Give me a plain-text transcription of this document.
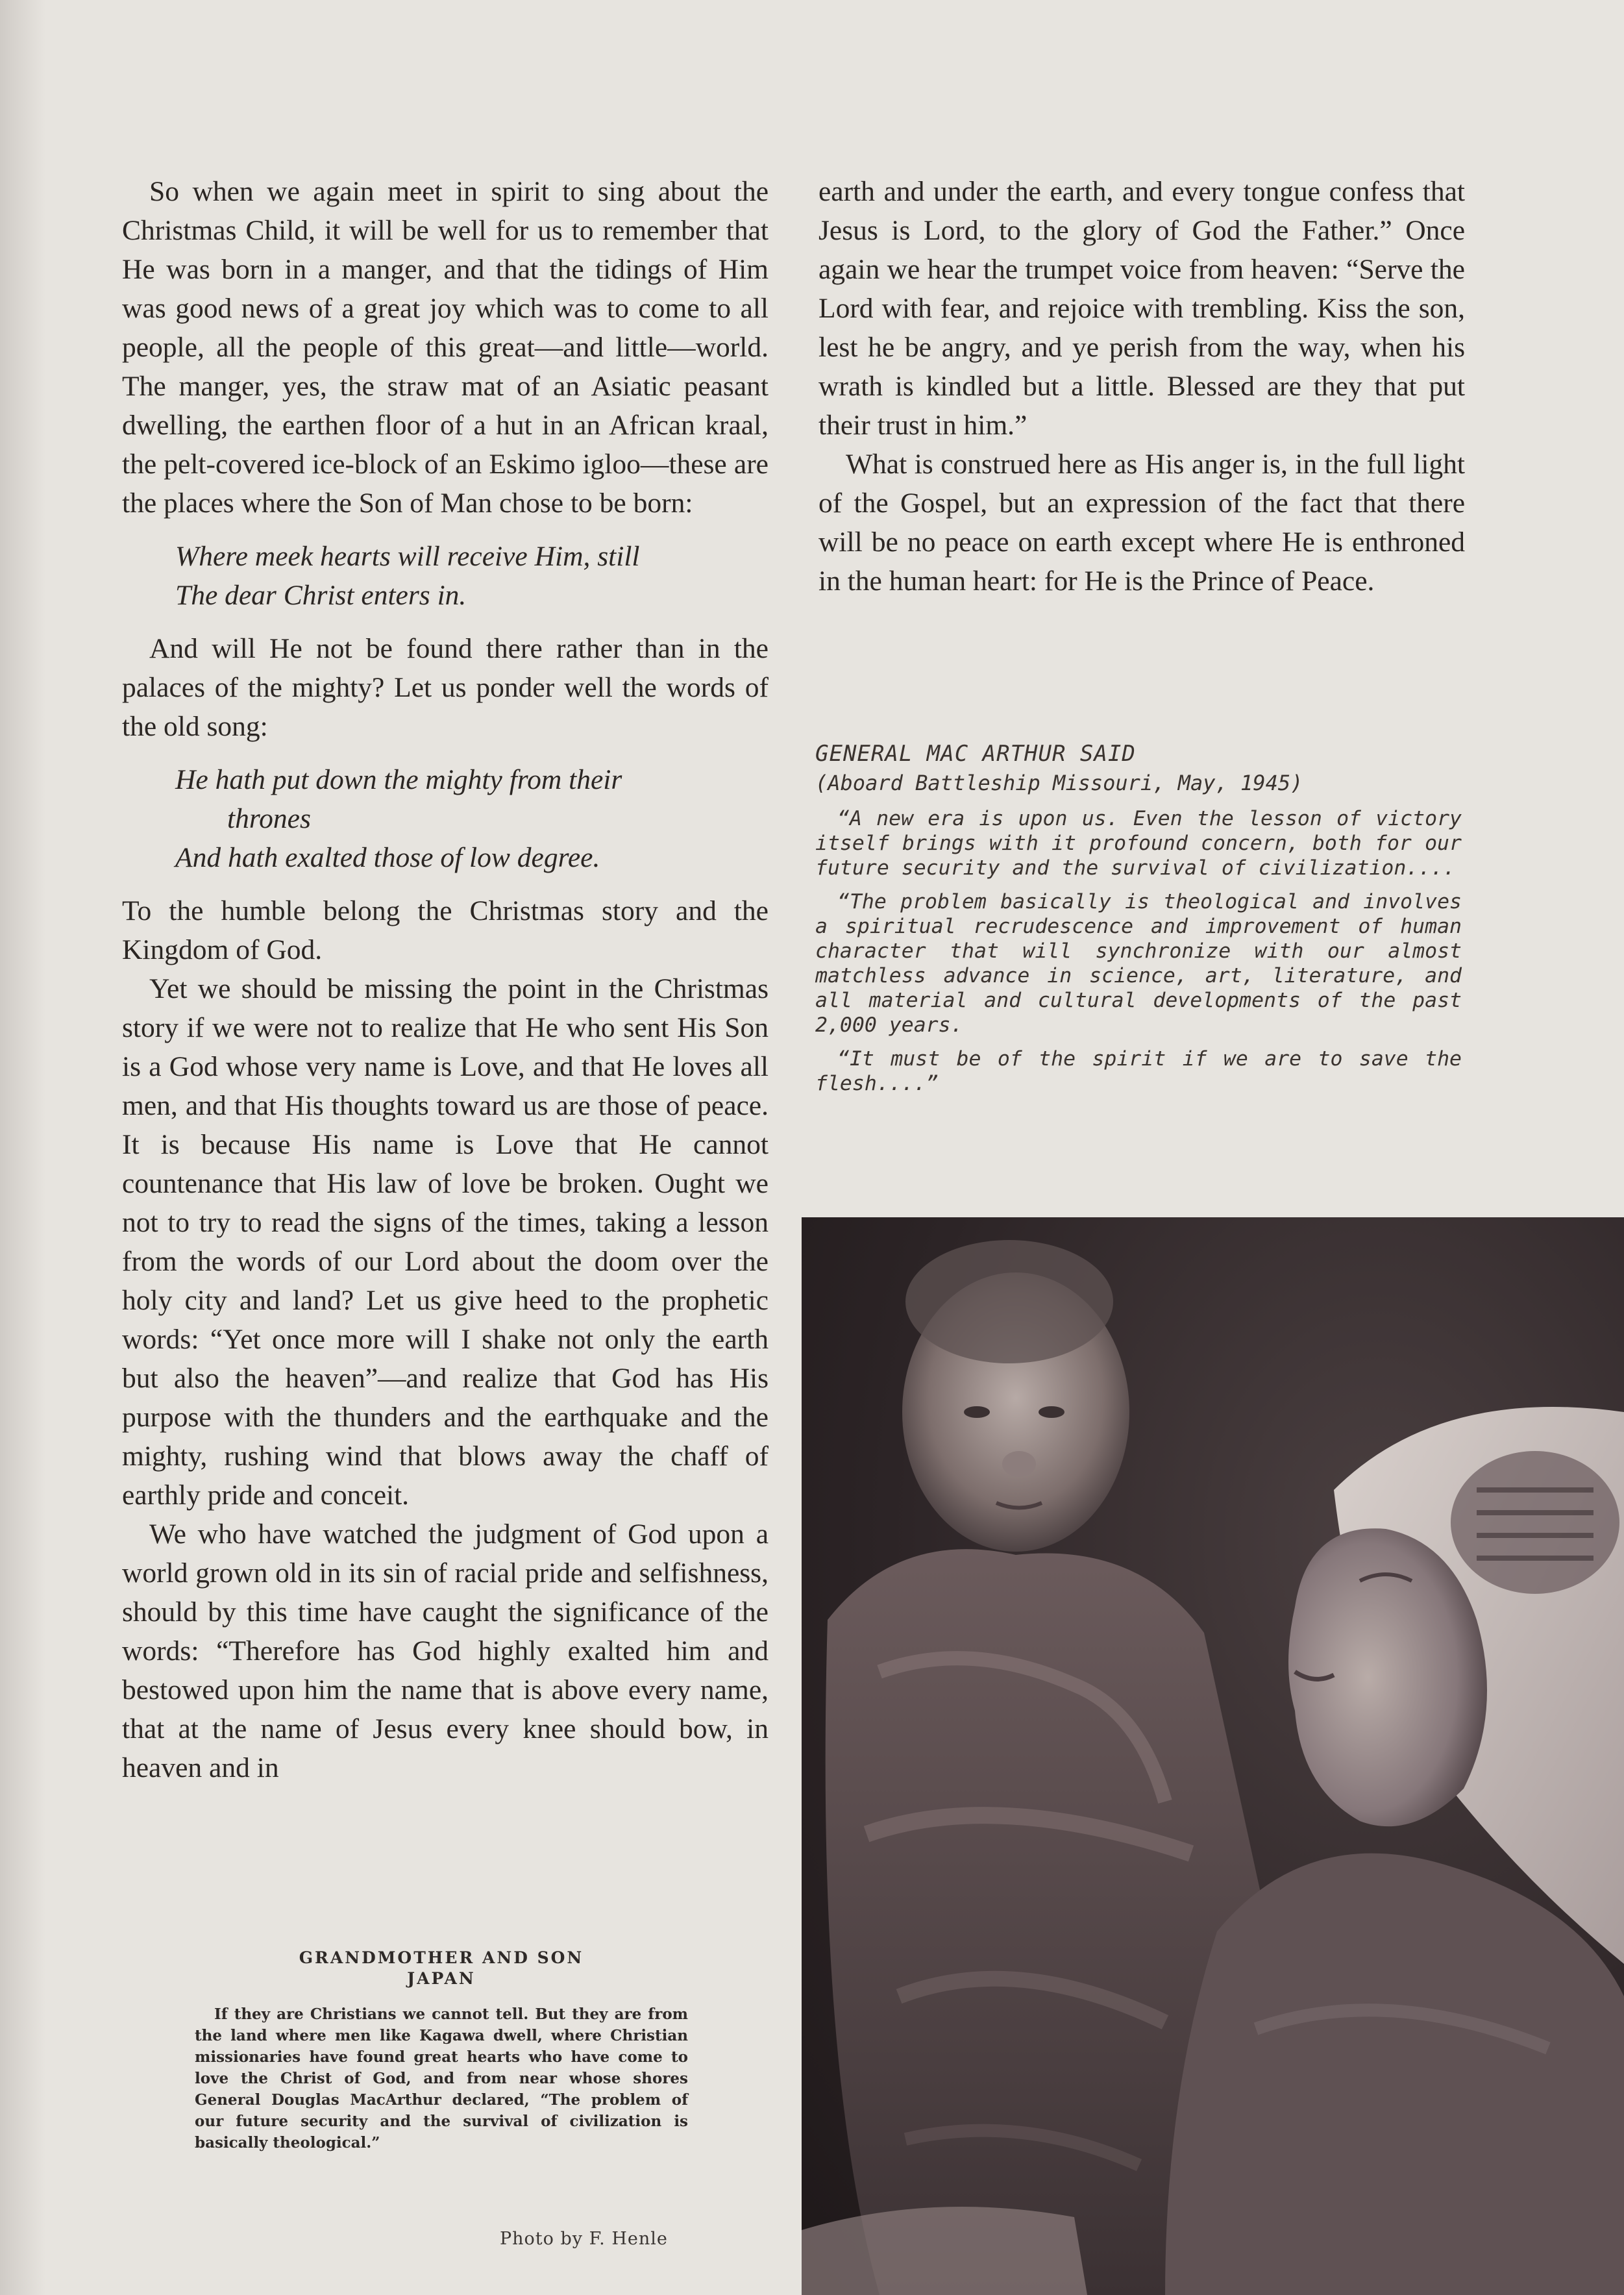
So when we again meet in spirit to sing about the Christmas Child, it will be well for us to remember that He was born in a manger, and that the tidings of Him was good news of a great joy which was to come to all people, all the people of this great—and little—world. The manger, yes, the straw mat of an Asiatic peasant dwelling, the earthen floor of a hut in an African kraal, the pelt-covered ice-block of an Eskimo igloo—these are the places where the Son of Man chose to be born:

Where meek hearts will receive Him, still
The dear Christ enters in.

And will He not be found there rather than in the palaces of the mighty? Let us ponder well the words of the old song:

He hath put down the mighty from their
thrones
And hath exalted those of low degree.

To the humble belong the Christmas story and the Kingdom of God.

Yet we should be missing the point in the Christmas story if we were not to realize that He who sent His Son is a God whose very name is Love, and that He loves all men, and that His thoughts toward us are those of peace. It is because His name is Love that He cannot countenance that His law of love be broken. Ought we not to try to read the signs of the times, taking a lesson from the words of our Lord about the doom over the holy city and land? Let us give heed to the prophetic words: “Yet once more will I shake not only the earth but also the heaven”—and realize that God has His purpose with the thunders and the earthquake and the mighty, rushing wind that blows away the chaff of earthly pride and conceit.

We who have watched the judgment of God upon a world grown old in its sin of racial pride and selfishness, should by this time have caught the significance of the words: “Therefore has God highly exalted him and bestowed upon him the name that is above every name, that at the name of Jesus every knee should bow, in heaven and in

earth and under the earth, and every tongue confess that Jesus is Lord, to the glory of God the Father.” Once again we hear the trumpet voice from heaven: “Serve the Lord with fear, and rejoice with trembling. Kiss the son, lest he be angry, and ye perish from the way, when his wrath is kindled but a little. Blessed are they that put their trust in him.”

What is construed here as His anger is, in the full light of the Gospel, but an expression of the fact that there will be no peace on earth except where He is enthroned in the human heart: for He is the Prince of Peace.

GENERAL MAC ARTHUR SAID
(Aboard Battleship Missouri, May, 1945)

“A new era is upon us. Even the lesson of victory itself brings with it profound concern, both for our future security and the survival of civilization....

“The problem basically is theological and involves a spiritual recrudescence and improvement of human character that will synchronize with our almost matchless advance in science, art, literature, and all material and cultural developments of the past 2,000 years.

“It must be of the spirit if we are to save the flesh....”

GRANDMOTHER AND SON
JAPAN
If they are Christians we cannot tell. But they are from the land where men like Kagawa dwell, where Christian missionaries have found great hearts who have come to love the Christ of God, and from near whose shores General Douglas MacArthur declared, “The problem of our future security and the survival of civilization is basically theological.”
Photo by F. Henle
